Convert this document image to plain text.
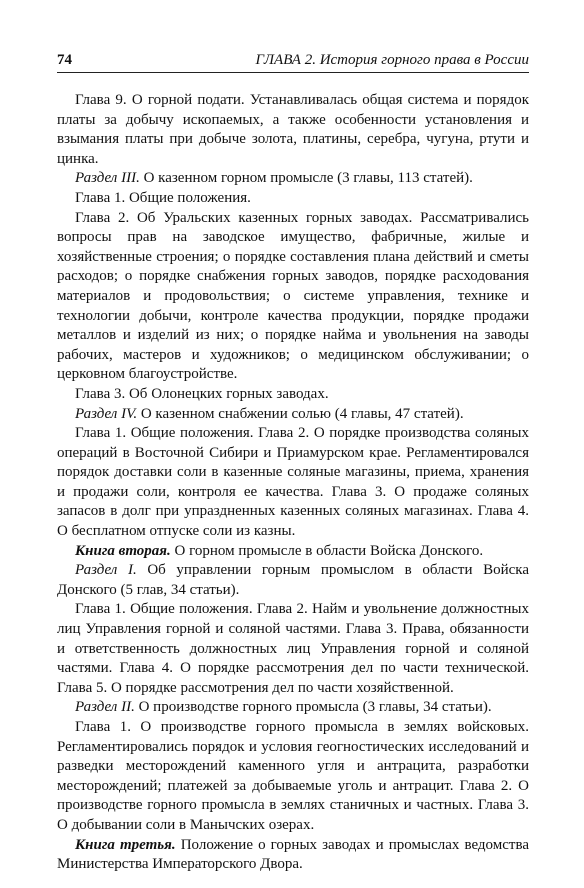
74	ГЛАВА 2. История горного права в России

Глава 9. О горной подати. Устанавливалась общая система и порядок платы за добычу ископаемых, а также особенности установления и взымания платы при добыче золота, платины, серебра, чугуна, ртути и цинка.

Раздел III. О казенном горном промысле (3 главы, 113 статей).

Глава 1. Общие положения.

Глава 2. Об Уральских казенных горных заводах. Рассматривались вопросы прав на заводское имущество, фабричные, жилые и хозяйственные строения; о порядке составления плана действий и сметы расходов; о порядке снабжения горных заводов, порядке расходования материалов и продовольствия; о системе управления, технике и технологии добычи, контроле качества продукции, порядке продажи металлов и изделий из них; о порядке найма и увольнения на заводы рабочих, мастеров и художников; о медицинском обслуживании; о церковном благоустройстве.

Глава 3. Об Олонецких горных заводах.

Раздел IV. О казенном снабжении солью (4 главы, 47 статей).

Глава 1. Общие положения. Глава 2. О порядке производства соляных операций в Восточной Сибири и Приамурском крае. Регламентировался порядок доставки соли в казенные соляные магазины, приема, хранения и продажи соли, контроля ее качества. Глава 3. О продаже соляных запасов в долг при упраздненных казенных соляных магазинах. Глава 4. О бесплатном отпуске соли из казны.

Книга вторая. О горном промысле в области Войска Донского.

Раздел I. Об управлении горным промыслом в области Войска Донского (5 глав, 34 статьи).

Глава 1. Общие положения. Глава 2. Найм и увольнение должностных лиц Управления горной и соляной частями. Глава 3. Права, обязанности и ответственность должностных лиц Управления горной и соляной частями. Глава 4. О порядке рассмотрения дел по части технической. Глава 5. О порядке рассмотрения дел по части хозяйственной.

Раздел II. О производстве горного промысла (3 главы, 34 статьи).

Глава 1. О производстве горного промысла в землях войсковых. Регламентировались порядок и условия геогностических исследований и разведки месторождений каменного угля и антрацита, разработки месторождений; платежей за добываемые уголь и антрацит. Глава 2. О производстве горного промысла в землях станичных и частных. Глава 3. О добывании соли в Манычских озерах.

Книга третья. Положение о горных заводах и промыслах ведомства Министерства Императорского Двора.
